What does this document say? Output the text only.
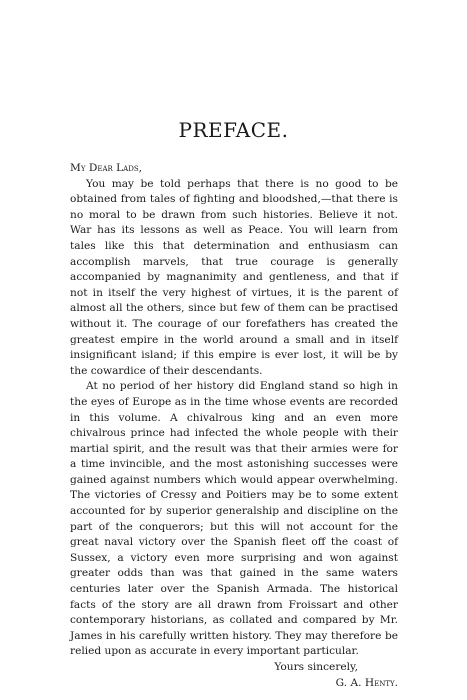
PREFACE.

My Dear Lads,

You may be told perhaps that there is no good to be obtained from tales of fighting and bloodshed,—that there is no moral to be drawn from such histories. Believe it not. War has its lessons as well as Peace. You will learn from tales like this that determination and enthusiasm can accomplish marvels, that true courage is generally accompanied by magnanimity and gentleness, and that if not in itself the very highest of virtues, it is the parent of almost all the others, since but few of them can be practised without it. The courage of our forefathers has created the greatest empire in the world around a small and in itself insignificant island; if this empire is ever lost, it will be by the cowardice of their descendants.

At no period of her history did England stand so high in the eyes of Europe as in the time whose events are recorded in this volume. A chivalrous king and an even more chivalrous prince had infected the whole people with their martial spirit, and the result was that their armies were for a time invincible, and the most astonishing successes were gained against numbers which would appear overwhelming. The victories of Cressy and Poitiers may be to some extent accounted for by superior generalship and discipline on the part of the conquerors; but this will not account for the great naval victory over the Spanish fleet off the coast of Sussex, a victory even more surprising and won against greater odds than was that gained in the same waters centuries later over the Spanish Armada. The historical facts of the story are all drawn from Froissart and other contemporary historians, as collated and compared by Mr. James in his carefully written history. They may therefore be relied upon as accurate in every important particular.

Yours sincerely,

G. A. Henty.
